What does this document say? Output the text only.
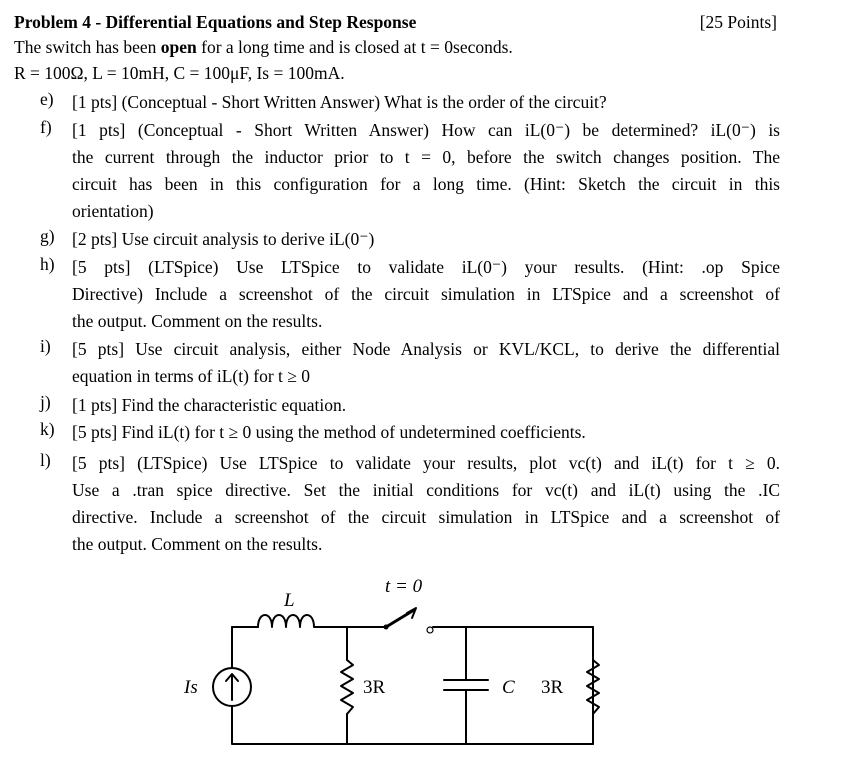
Problem 4 - Differential Equations and Step Response	[25 Points]
The switch has been open for a long time and is closed at t = 0seconds.
R = 100Ω, L = 10mH, C = 100μF, Is = 100mA.
e)	[1 pts] (Conceptual - Short Written Answer) What is the order of the circuit?
f)	[1 pts] (Conceptual - Short Written Answer) How can iL(0⁻) be determined? iL(0⁻) is
the current through the inductor prior to t = 0, before the switch changes position. The
circuit has been in this configuration for a long time. (Hint: Sketch the circuit in this
orientation)
g) [2 pts] Use circuit analysis to derive iL(0⁻)
h) [5 pts] (LTSpice) Use LTSpice to validate iL(0⁻) your results. (Hint: .op Spice
Directive) Include a screenshot of the circuit simulation in LTSpice and a screenshot of
the output. Comment on the results.
i)	[5 pts] Use circuit analysis, either Node Analysis or KVL/KCL, to derive the differential
equation in terms of iL(t) for t ≥ 0
j)	[1 pts] Find the characteristic equation.
k) [5 pts] Find iL(t) for t ≥ 0 using the method of undetermined coefficients.
l)	[5 pts] (LTSpice) Use LTSpice to validate your results, plot vc(t) and iL(t) for t ≥ 0.
Use a .tran spice directive. Set the initial conditions for vc(t) and iL(t) using the .IC
directive. Include a screenshot of the circuit simulation in LTSpice and a screenshot of
the output. Comment on the results.
t = 0
L
Is	3R	C 3R
